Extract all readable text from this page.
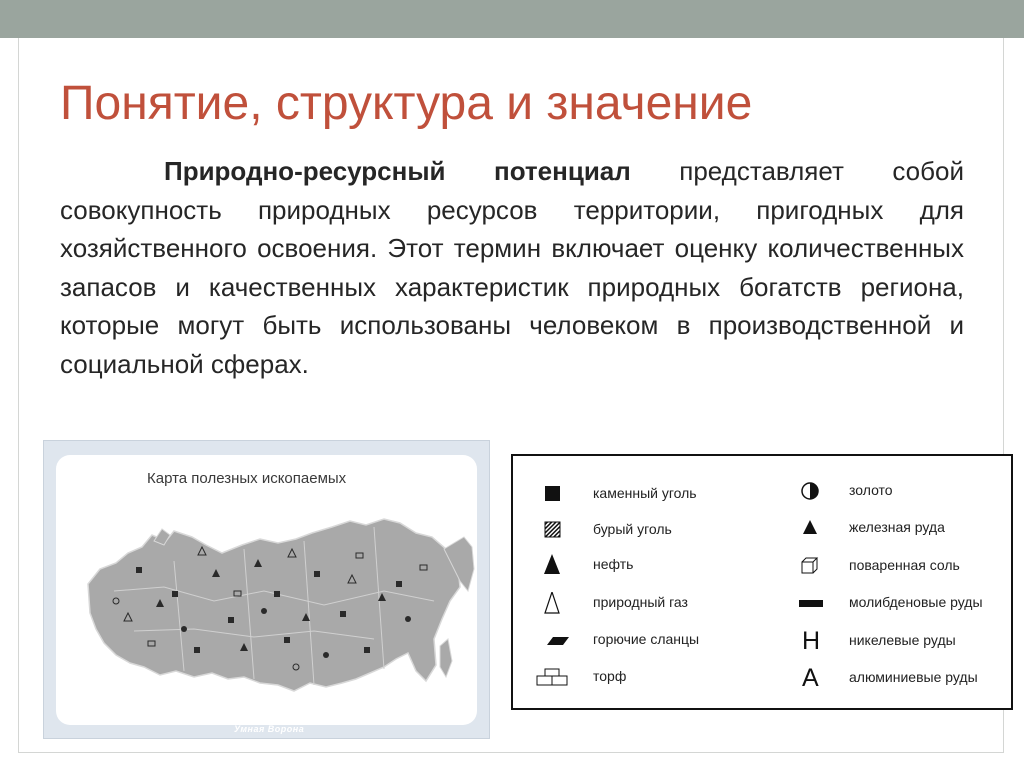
Понятие, структура и значение
Природно-ресурсный потенциал представляет собой совокупность природных ресурсов территории, пригодных для хозяйственного освоения. Этот термин включает оценку количественных запасов и качественных характеристик природных богатств региона, которые могут быть использованы человеком в производственной и социальной сферах.
Карта полезных ископаемых
Умная Ворона
каменный уголь
бурый уголь
нефть
природный газ
горючие сланцы
торф
золото
железная руда
поваренная соль
молибденовые руды
Н	никелевые руды
А	алюминиевые руды
